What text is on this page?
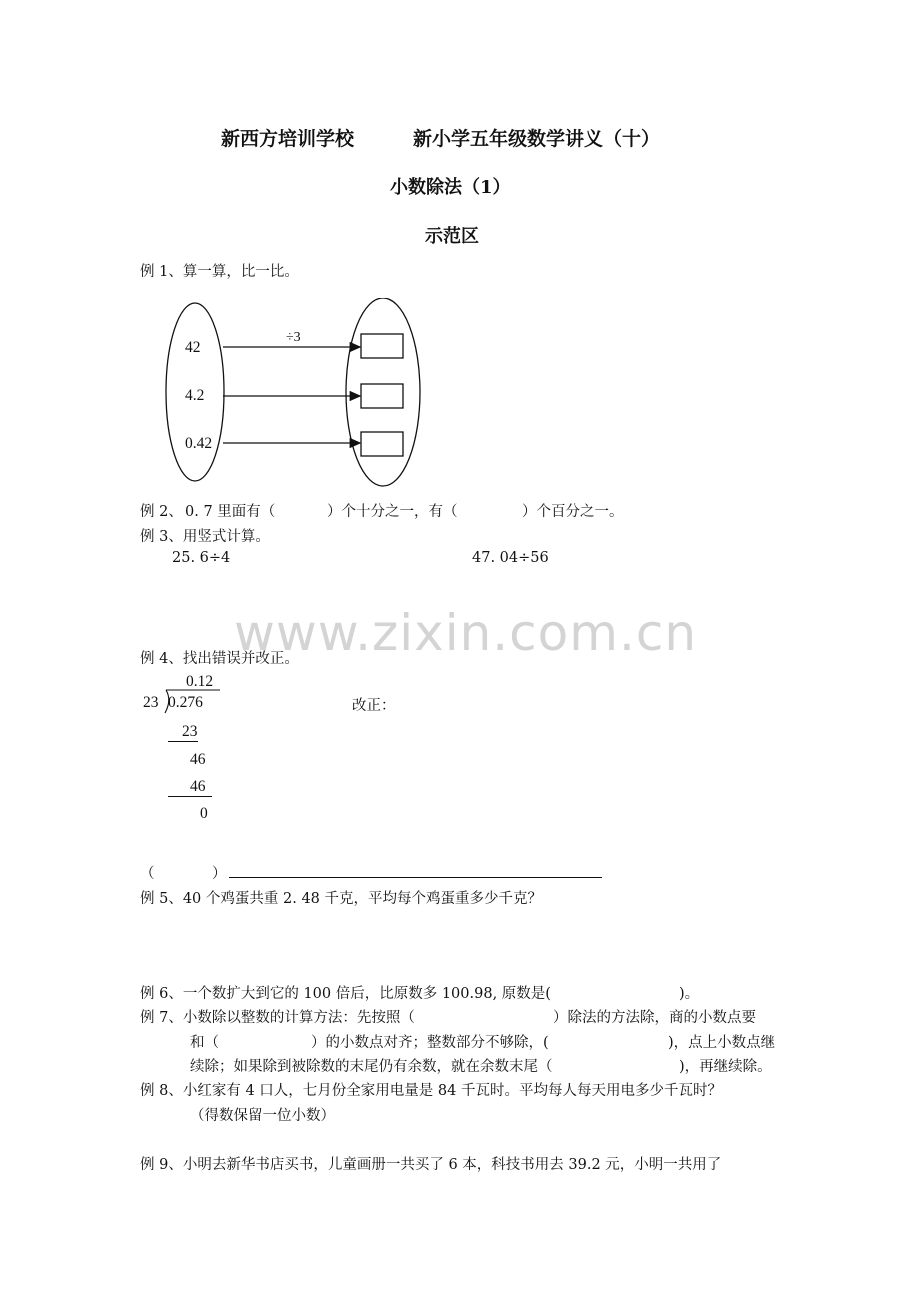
新西方培训学校	新小学五年级数学讲义（十）
小数除法（1）
示范区
例 1、算一算，比一比。
42
4.2
0.42
÷3
例 2、 0. 7 里面有（	）个十分之一，有（	）个百分之一。
例 3、用竖式计算。
25. 6÷4	47. 04÷56
www.zixin.com.cn
例 4、找出错误并改正。
0.12
23 0.276
23
46
46
0
改正：
（	）
例 5、40 个鸡蛋共重 2. 48 千克，平均每个鸡蛋重多少千克？
例 6、一个数扩大到它的 100 倍后，比原数多 100.98, 原数是(	)。
例 7、小数除以整数的计算方法：先按照（	）除法的方法除，商的小数点要
和（	）的小数点对齐；整数部分不够除，(	)，点上小数点继
续除；如果除到被除数的末尾仍有余数，就在余数末尾（	)，再继续除。
例 8、小红家有 4 口人，七月份全家用电量是 84 千瓦时。平均每人每天用电多少千瓦时？
（得数保留一位小数）
例 9、小明去新华书店买书，儿童画册一共买了 6 本，科技书用去 39.2 元，小明一共用了
